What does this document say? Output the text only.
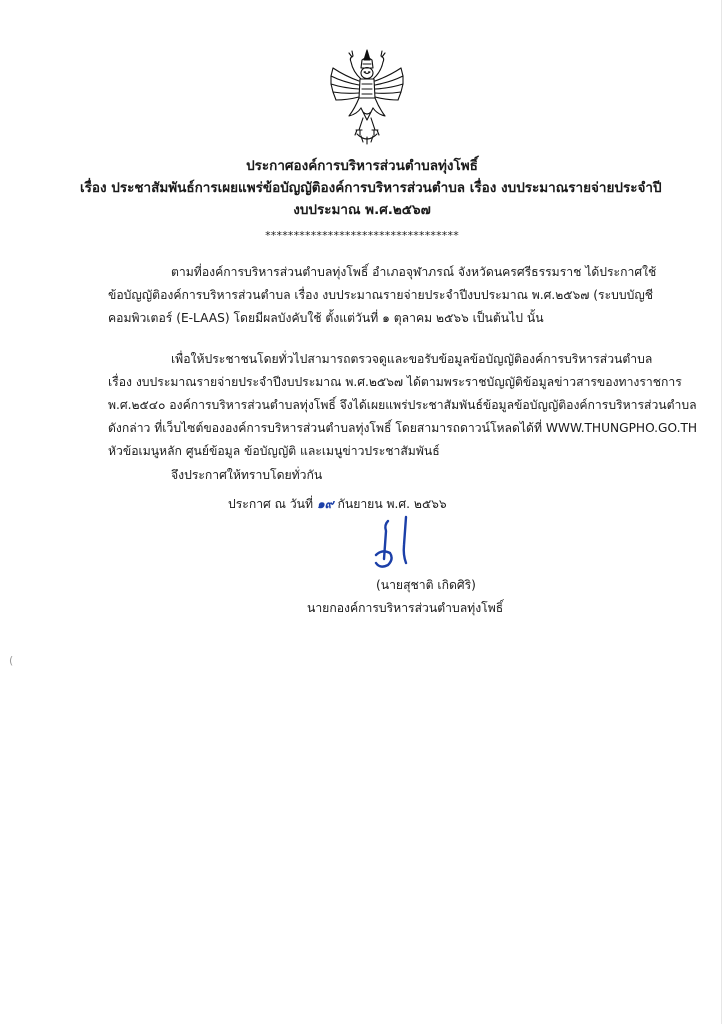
ประกาศองค์การบริหารส่วนตำบลทุ่งโพธิ์
เรื่อง ประชาสัมพันธ์การเผยแพร่ข้อบัญญัติองค์การบริหารส่วนตำบล เรื่อง งบประมาณรายจ่ายประจำปี
งบประมาณ พ.ศ.๒๕๖๗
**********************************
ตามที่องค์การบริหารส่วนตำบลทุ่งโพธิ์ อำเภอจุฬาภรณ์ จังหวัดนครศรีธรรมราช ได้ประกาศใช้
ข้อบัญญัติองค์การบริหารส่วนตำบล เรื่อง งบประมาณรายจ่ายประจำปีงบประมาณ พ.ศ.๒๕๖๗ (ระบบบัญชี
คอมพิวเตอร์ (E-LAAS) โดยมีผลบังคับใช้ ตั้งแต่วันที่ ๑ ตุลาคม ๒๕๖๖ เป็นต้นไป นั้น
เพื่อให้ประชาชนโดยทั่วไปสามารถตรวจดูและขอรับข้อมูลข้อบัญญัติองค์การบริหารส่วนตำบล
เรื่อง งบประมาณรายจ่ายประจำปีงบประมาณ พ.ศ.๒๕๖๗ ได้ตามพระราชบัญญัติข้อมูลข่าวสารของทางราชการ
พ.ศ.๒๕๔๐ องค์การบริหารส่วนตำบลทุ่งโพธิ์ จึงได้เผยแพร่ประชาสัมพันธ์ข้อมูลข้อบัญญัติองค์การบริหารส่วนตำบล
ดังกล่าว ที่เว็บไซต์ขององค์การบริหารส่วนตำบลทุ่งโพธิ์ โดยสามารถดาวน์โหลดได้ที่ WWW.THUNGPHO.GO.TH
หัวข้อเมนูหลัก ศูนย์ข้อมูล ข้อบัญญัติ และเมนูข่าวประชาสัมพันธ์
จึงประกาศให้ทราบโดยทั่วกัน
ประกาศ ณ วันที่ ๑๙ กันยายน พ.ศ. ๒๕๖๖
(นายสุชาติ เกิดศิริ)
นายกองค์การบริหารส่วนตำบลทุ่งโพธิ์
(
